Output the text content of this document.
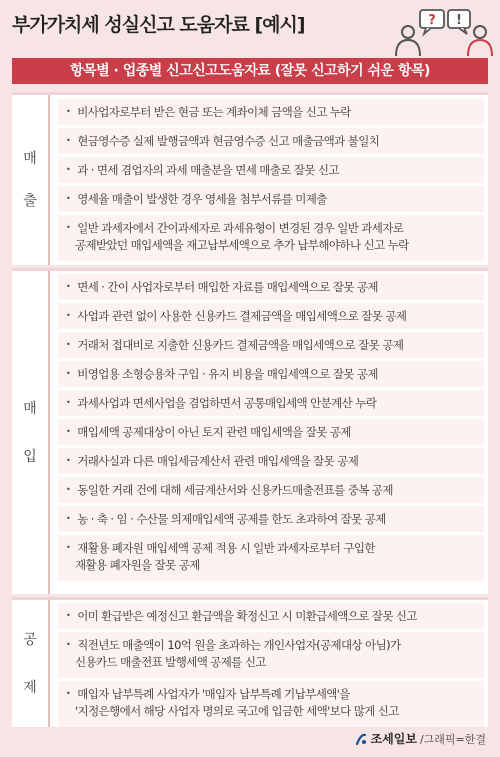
부가가치세 성실신고 도움자료 [예시]	? !
항목별 · 업종별 신고신고도움자료 (잘못 신고하기 쉬운 항목)
매
출
• 비사업자로부터 받은 현금 또는 계좌이체 금액을 신고 누락
• 현금영수증 실제 발행금액과 현금영수증 신고 매출금액과 불일치
• 과 · 면세 겸업자의 과세 매출분을 면세 매출로 잘못 신고
• 영세율 매출이 발생한 경우 영세율 첨부서류를 미제출
• 일반 과세자에서 간이과세자로 과세유형이 변경된 경우 일반 과세자로
공제받았던 매입세액을 재고납부세액으로 추가 납부해야하나 신고 누락
매
입
• 면세 · 간이 사업자로부터 매입한 자료를 매입세액으로 잘못 공제
• 사업과 관련 없이 사용한 신용카드 결제금액을 매입세액으로 잘못 공제
• 거래처 접대비로 지출한 신용카드 결제금액을 매입세액으로 잘못 공제
• 비영업용 소형승용차 구입 · 유지 비용을 매입세액으로 잘못 공제
• 과세사업과 면세사업을 겸업하면서 공통매입세액 안분계산 누락
• 매입세액 공제대상이 아닌 토지 관련 매입세액을 잘못 공제
• 거래사실과 다른 매입세금계산서 관련 매입세액을 잘못 공제
• 동일한 거래 건에 대해 세금계산서와 신용카드매출전표를 중복 공제
• 농 · 축 · 임 · 수산물 의제매입세액 공제를 한도 초과하여 잘못 공제
• 재활용 폐자원 매입세액 공제 적용 시 일반 과세자로부터 구입한
재활용 폐자원을 잘못 공제
공
제
• 이미 환급받은 예정신고 환급액을 확정신고 시 미환급세액으로 잘못 신고
• 직전년도 매출액이 10억 원을 초과하는 개인사업자(공제대상 아님)가
신용카드 매출전표 발행세액 공제를 신고
• 매입자 납부특례 사업자가 '매입자 납부특례 기납부세액'을
'지정은행에서 해당 사업자 명의로 국고에 입금한 세액'보다 많게 신고
조세일보 /그래픽=한결
